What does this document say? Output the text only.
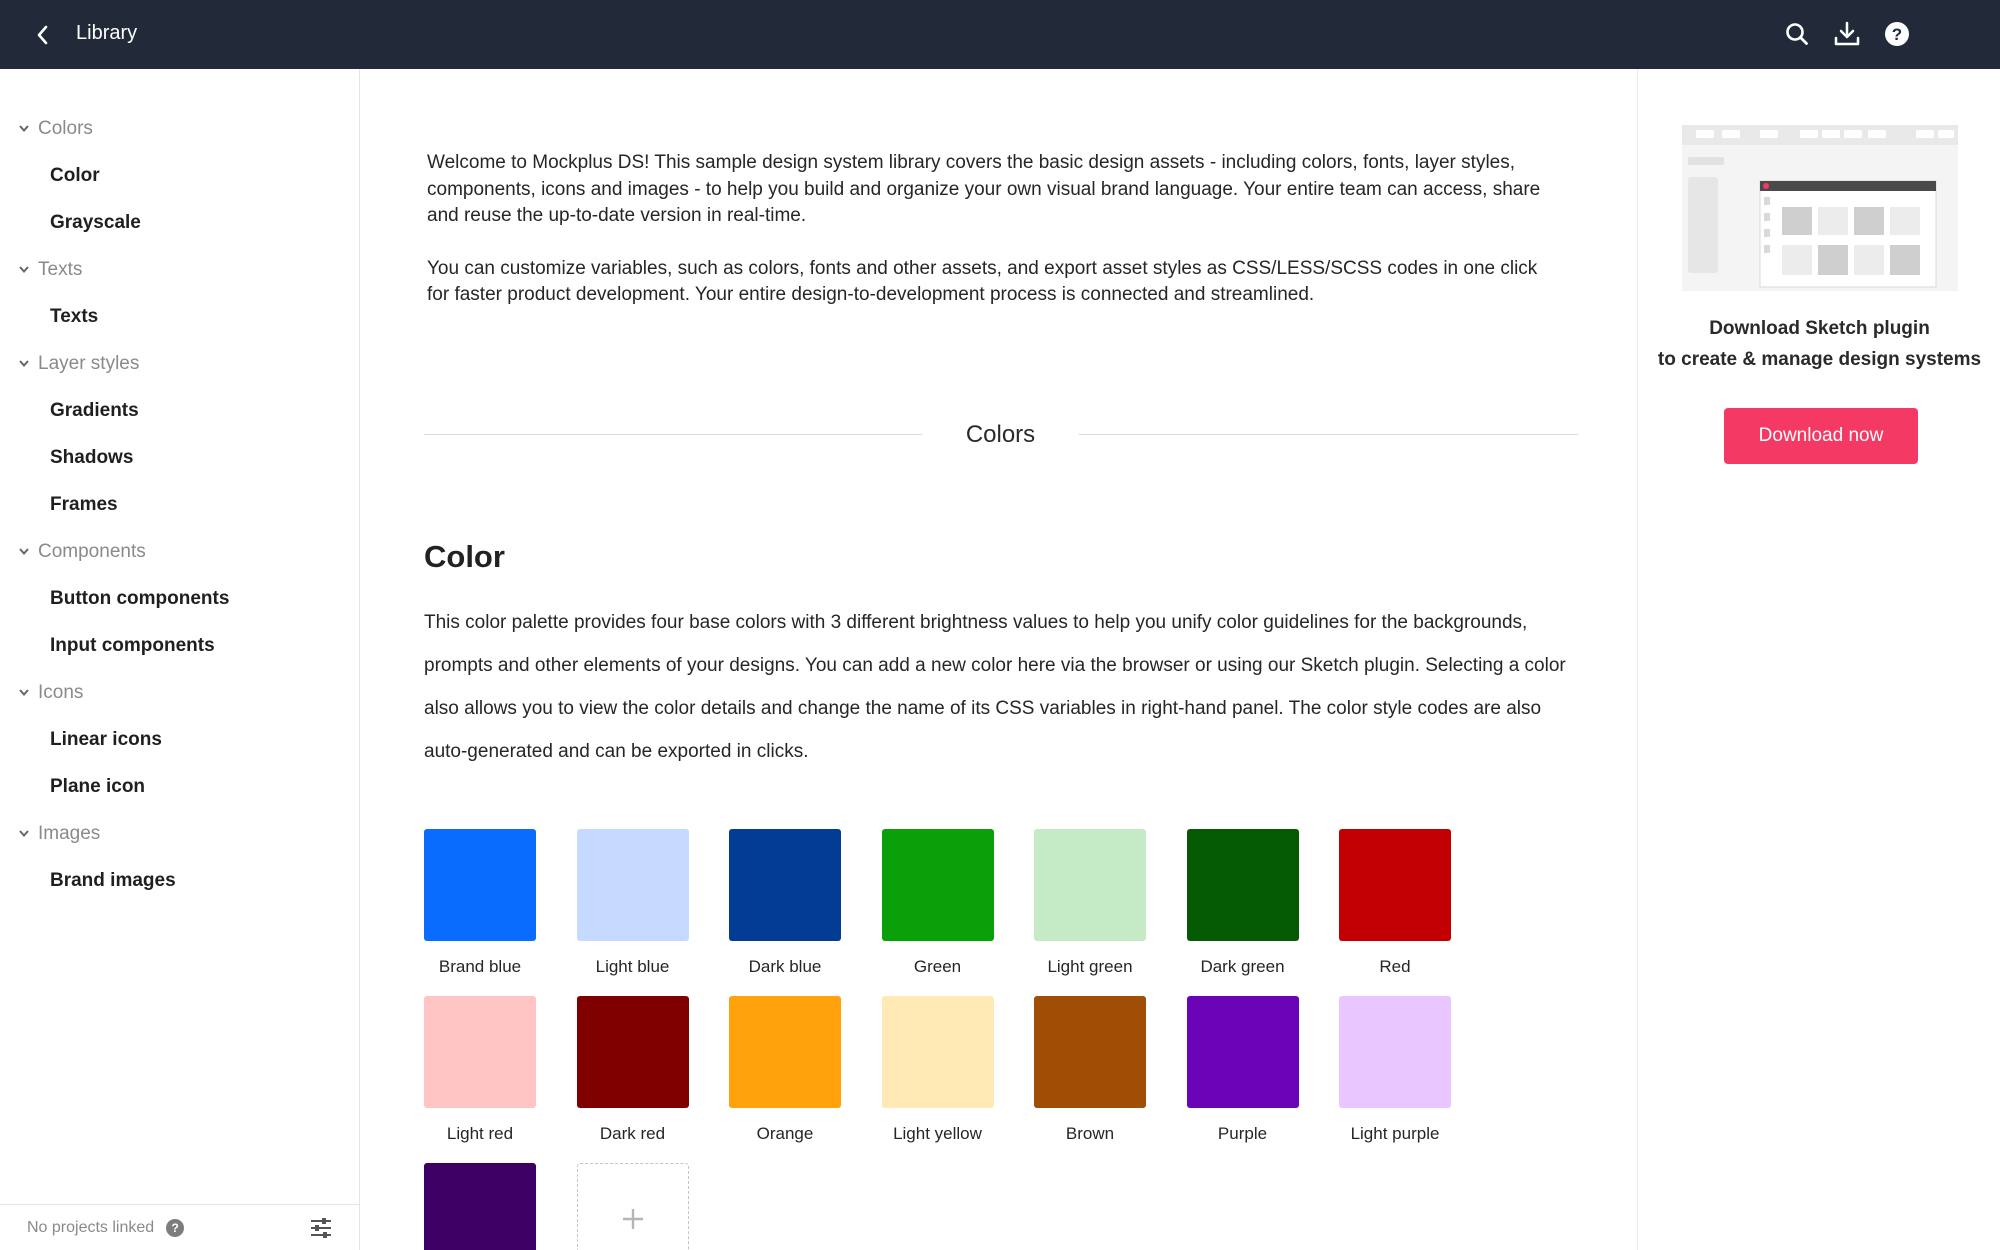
Library	?
Colors
Color
Grayscale
Texts
Texts
Layer styles
Gradients
Shadows
Frames
Components
Button components
Input components
Icons
Linear icons
Plane icon
Images
Brand images
No projects linked	?

Welcome to Mockplus DS! This sample design system library covers the basic design assets - including colors, fonts, layer styles, components, icons and images - to help you build and organize your own visual brand language. Your entire team can access, share and reuse the up-to-date version in real-time.

You can customize variables, such as colors, fonts and other assets, and export asset styles as CSS/LESS/SCSS codes in one click for faster product development. Your entire design-to-development process is connected and streamlined.

Colors
Color
This color palette provides four base colors with 3 different brightness values to help you unify color guidelines for the backgrounds, prompts and other elements of your designs. You can add a new color here via the browser or using our Sketch plugin. Selecting a color also allows you to view the color details and change the name of its CSS variables in right-hand panel. The color style codes are also auto-generated and can be exported in clicks.
Brand blue	Light blue	Dark blue	Green	Light green	Dark green	Red
Light red	Dark red	Orange	Light yellow	Brown	Purple	Light purple
Download Sketch plugin
to create & manage design systems
Download now
